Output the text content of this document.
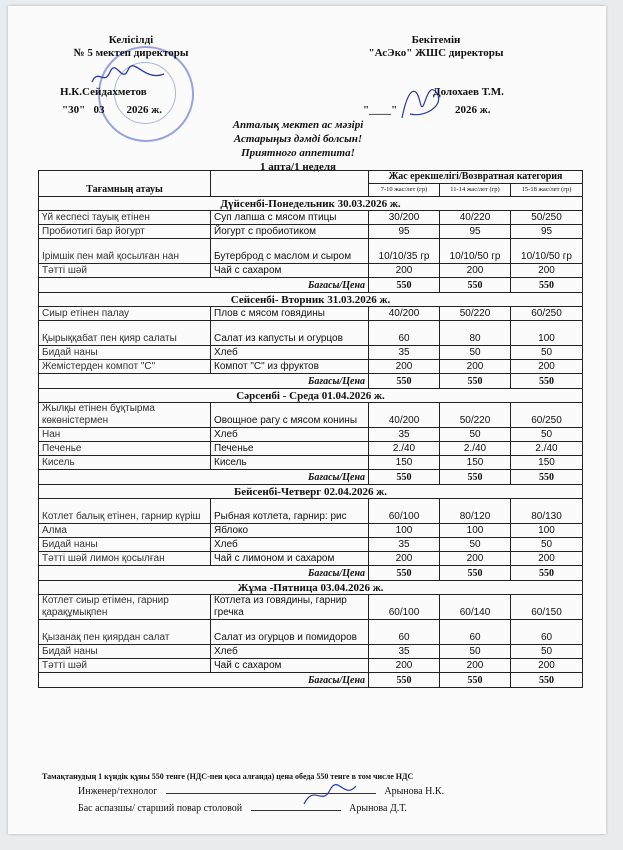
Келісілді
№ 5 мектеп директоры
Н.К.Сейдахметов
"30" 03 2026 ж.
Бекітемін
"АсЭко" ЖШС директоры
Долохаев Т.М.
"____"	2026 ж.
Апталық мектеп ас мәзірі
Астарыңыз дәмді болсын!
Приятного аппетита!
1 апта/1 неделя
Тағамның атауы		Жас ерекшелігі/Возвратная категория		
		7-10 жас/лет (гр)	11-14 жас/лет (гр)	15-18 жас/лет (гр)
Дүйсенбі-Понедельник 30.03.2026 ж.				
Үй кеспесі тауық етінен	Суп лапша с мясом птицы	30/200	40/220	50/250
Пробиотигі бар йогурт	Йогурт с пробиотиком	95	95	95
Ірімшік пен май қосылған нан	Бутерброд с маслом и сыром	10/10/35 гр	10/10/50 гр	10/10/50 гр
Тәтті шәй	Чай с сахаром	200	200	200
Бағасы/Цена		550	550	550
Сейсенбі- Вторник 31.03.2026 ж.				
Сиыр етінен палау	Плов с мясом говядины	40/200	50/220	60/250
Қырыққабат пен қияр салаты	Салат из капусты и огурцов	60	80	100
Бидай наны	Хлеб	35	50	50
Жемістерден компот "С"	Компот "С" из фруктов	200	200	200
Бағасы/Цена		550	550	550
Сәрсенбі - Среда 01.04.2026 ж.				
Жылқы етінен бұқтырма көкөністермен	Овощное рагу с мясом конины	40/200	50/220	60/250
Нан	Хлеб	35	50	50
Печенье	Печенье	2./40	2./40	2./40
Кисель	Кисель	150	150	150
Бағасы/Цена		550	550	550
Бейсенбі-Четверг 02.04.2026 ж.				
Котлет балық етінен, гарнир күріш	Рыбная котлета, гарнир: рис	60/100	80/120	80/130
Алма	Яблоко	100	100	100
Бидай наны	Хлеб	35	50	50
Тәтті шәй лимон қосылған	Чай с лимоном и сахаром	200	200	200
Бағасы/Цена		550	550	550
Жұма -Пятница 03.04.2026 ж.				
Котлет сиыр етімен, гарнир қарақұмықпен	Котлета из говядины, гарнир гречка	60/100	60/140	60/150
Қызанақ пен қиярдан салат	Салат из огурцов и помидоров	60	60	60
Бидай наны	Хлеб	35	50	50
Тәтті шәй	Чай с сахаром	200	200	200
Бағасы/Цена		550	550	550
Тамақтанудың 1 күндік құны 550 тенге (НДС-пен қоса алғанда) цена обеда 550 тенге в том числе НДС
Инженер/технолог	Арынова Н.К.
Бас аспазшы/ старший повар столовой	Арынова Д.Т.
